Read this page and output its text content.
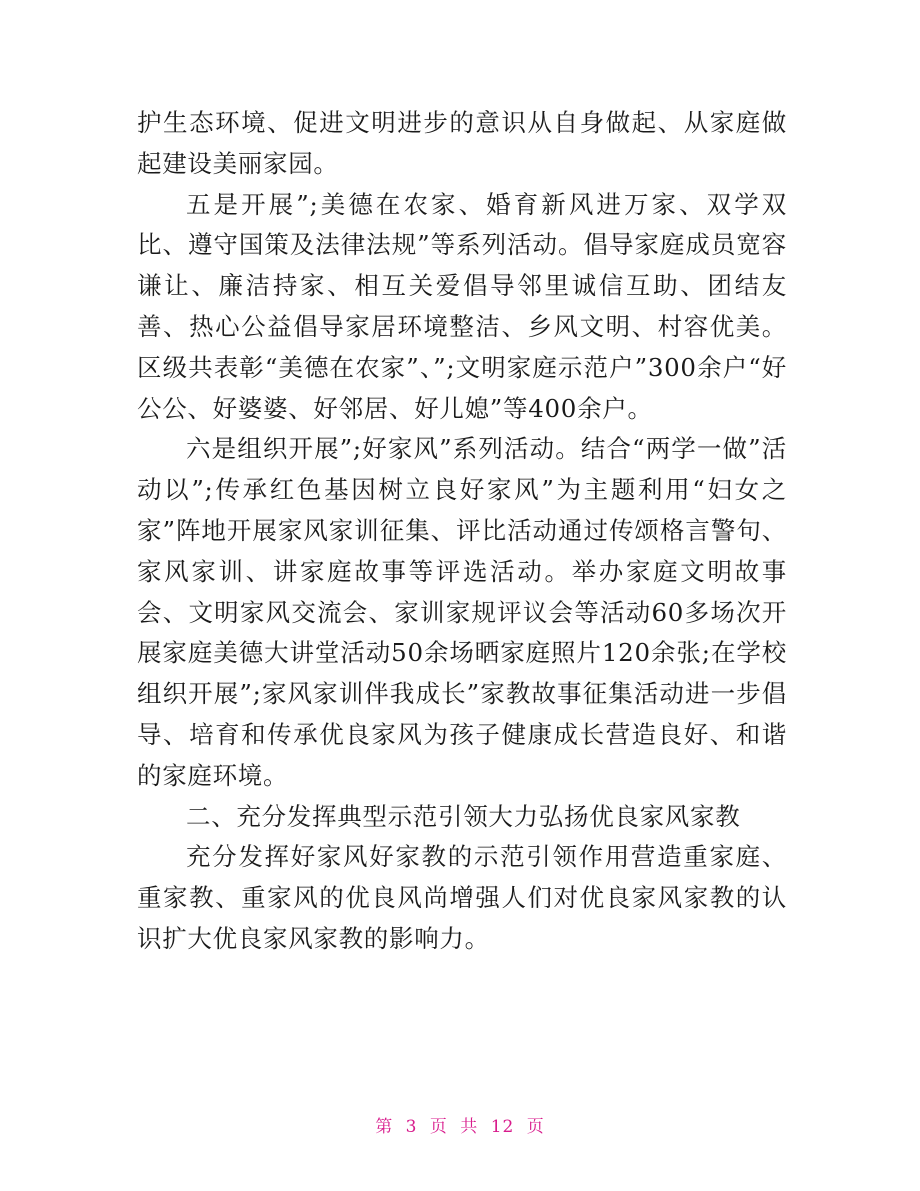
护生态环境、促进文明进步的意识从自身做起、从家庭做起建设美丽家园。

五是开展”;美德在农家、婚育新风进万家、双学双比、遵守国策及法律法规”等系列活动。倡导家庭成员宽容谦让、廉洁持家、相互关爱倡导邻里诚信互助、团结友善、热心公益倡导家居环境整洁、乡风文明、村容优美。区级共表彰“美德在农家”、”;文明家庭示范户”300余户“好公公、好婆婆、好邻居、好儿媳”等400余户。

六是组织开展”;好家风”系列活动。结合“两学一做”活动以”;传承红色基因树立良好家风”为主题利用“妇女之家”阵地开展家风家训征集、评比活动通过传颂格言警句、家风家训、讲家庭故事等评选活动。举办家庭文明故事会、文明家风交流会、家训家规评议会等活动60多场次开展家庭美德大讲堂活动50余场晒家庭照片120余张;在学校组织开展”;家风家训伴我成长”家教故事征集活动进一步倡导、培育和传承优良家风为孩子健康成长营造良好、和谐的家庭环境。

二、充分发挥典型示范引领大力弘扬优良家风家教

充分发挥好家风好家教的示范引领作用营造重家庭、重家教、重家风的优良风尚增强人们对优良家风家教的认识扩大优良家风家教的影响力。

第 3 页 共 12 页
